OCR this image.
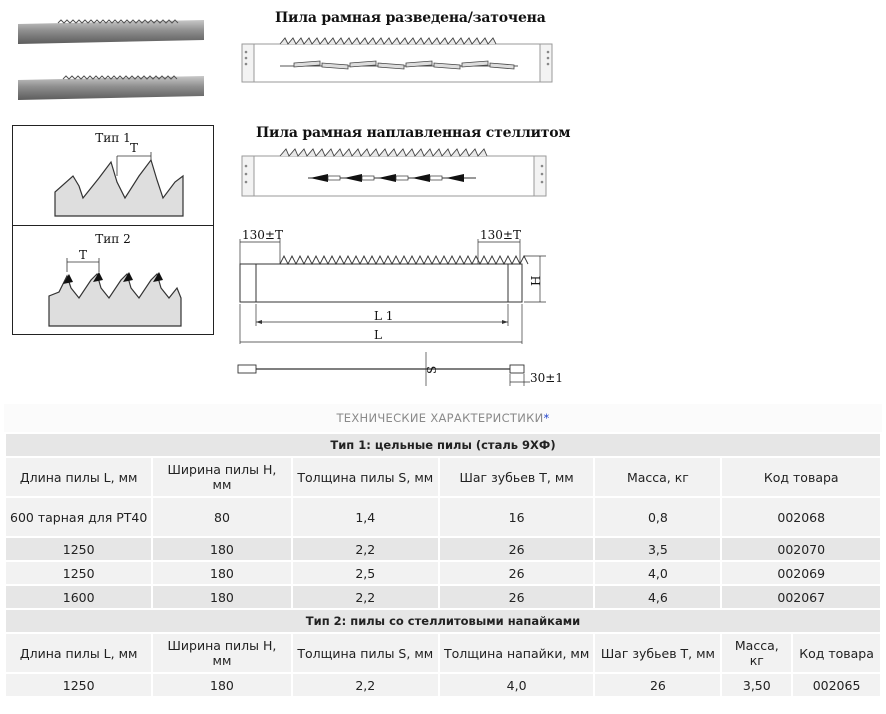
Пила рамная разведена/заточена
Пила рамная наплавленная стеллитом
Тип 1
T
Тип 2
T
130±T	130±T
H
L 1
L
S
30±1
ТЕХНИЧЕСКИЕ ХАРАКТЕРИСТИКИ*
Тип 1: цельные пилы (сталь 9ХФ)						
Длина пилы L, мм	Ширина пилы H, мм	Толщина пилы S, мм	Шаг зубьев Т, мм	Масса, кг	Код товара	
600 тарная для РТ40	80	1,4	16	0,8	002068	
1250	180	2,2	26	3,5	002070	
1250	180	2,5	26	4,0	002069	
1600	180	2,2	26	4,6	002067	
Тип 2: пилы со стеллитовыми напайками						
Длина пилы L, мм	Ширина пилы H, мм	Толщина пилы S, мм	Толщина напайки, мм	Шаг зубьев Т, мм	Масса, кг	Код товара
1250	180	2,2	4,0	26	3,50	002065
